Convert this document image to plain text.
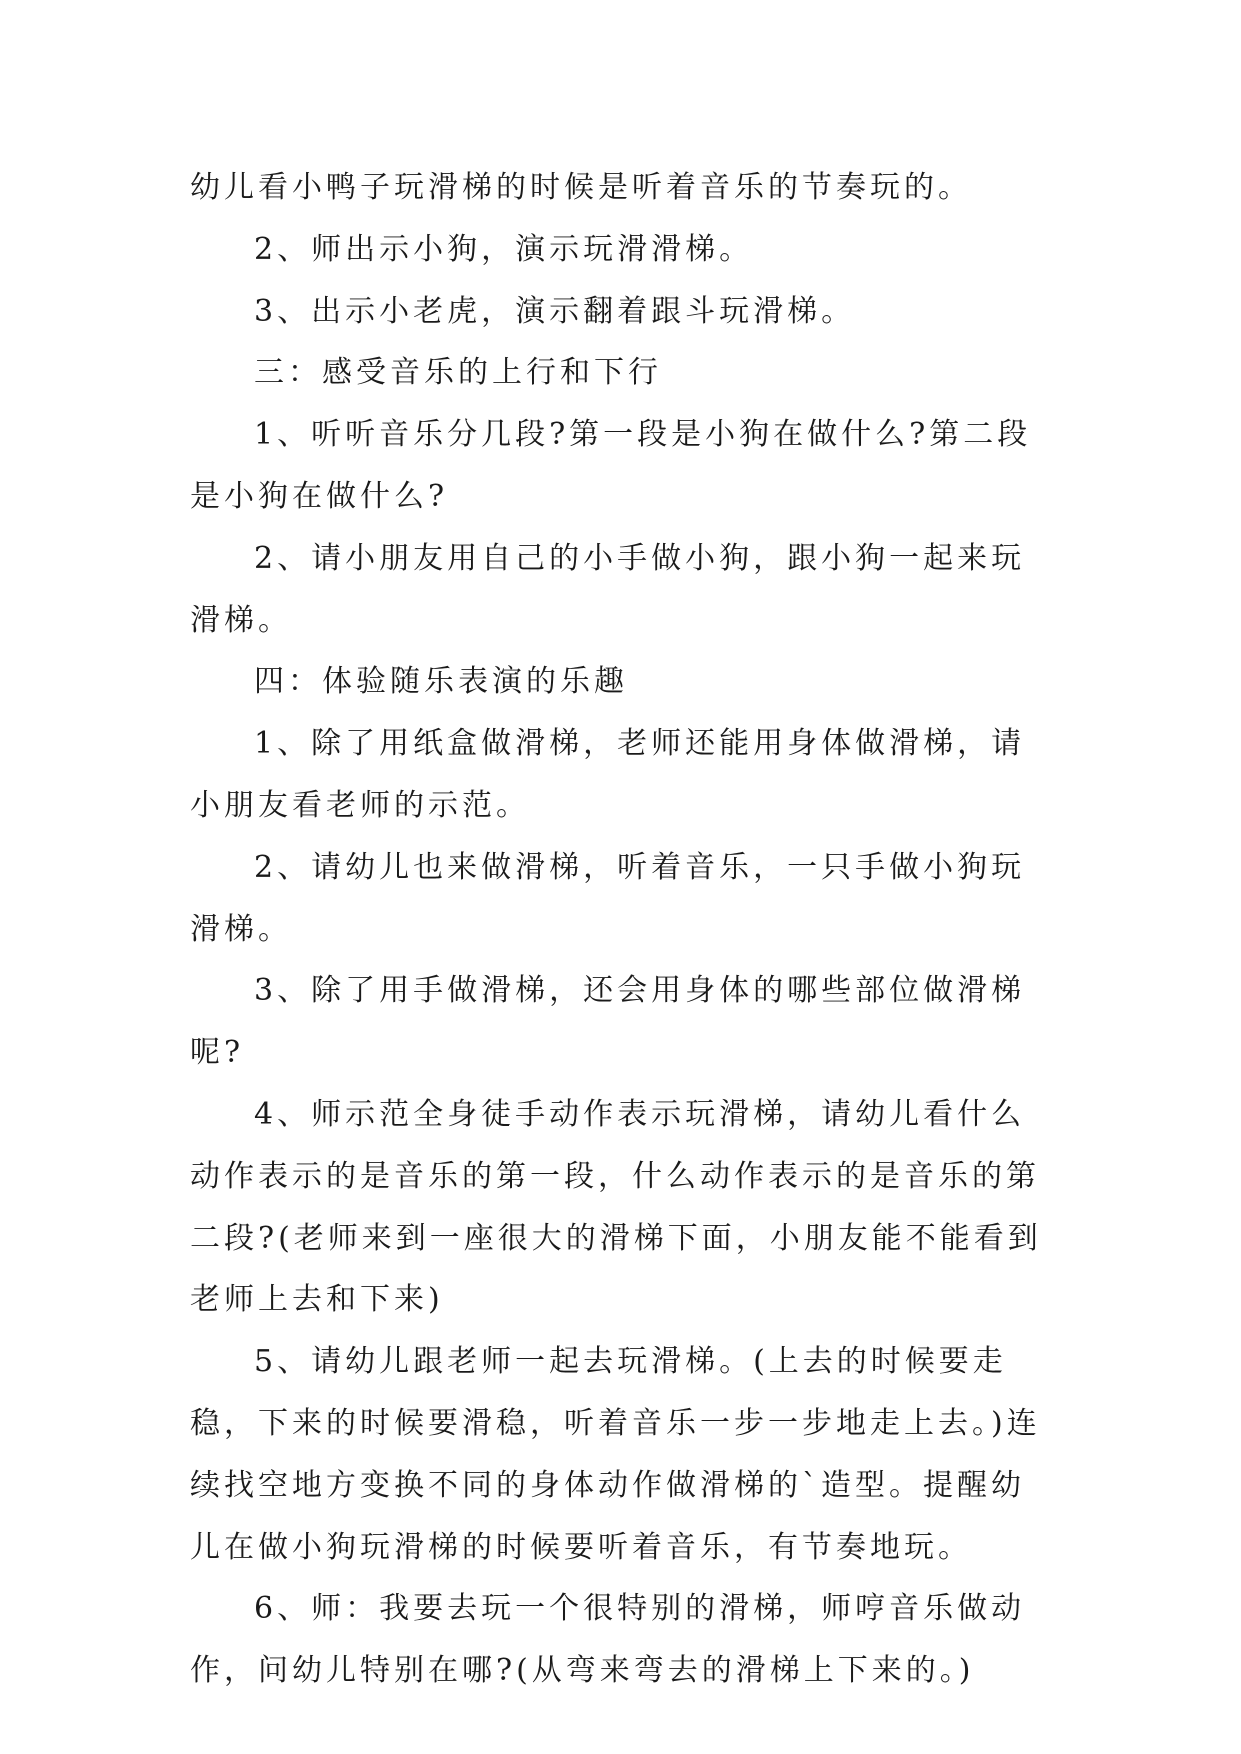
幼儿看小鸭子玩滑梯的时候是听着音乐的节奏玩的。

2、师出示小狗，演示玩滑滑梯。

3、出示小老虎，演示翻着跟斗玩滑梯。

三：感受音乐的上行和下行

1、听听音乐分几段?第一段是小狗在做什么?第二段是小狗在做什么?

2、请小朋友用自己的小手做小狗，跟小狗一起来玩滑梯。

四：体验随乐表演的乐趣

1、除了用纸盒做滑梯，老师还能用身体做滑梯，请小朋友看老师的示范。

2、请幼儿也来做滑梯，听着音乐，一只手做小狗玩滑梯。

3、除了用手做滑梯，还会用身体的哪些部位做滑梯呢?

4、师示范全身徒手动作表示玩滑梯，请幼儿看什么动作表示的是音乐的第一段，什么动作表示的是音乐的第二段?(老师来到一座很大的滑梯下面，小朋友能不能看到老师上去和下来)

5、请幼儿跟老师一起去玩滑梯。(上去的时候要走稳，下来的时候要滑稳，听着音乐一步一步地走上去。)连续找空地方变换不同的身体动作做滑梯的`造型。提醒幼儿在做小狗玩滑梯的时候要听着音乐，有节奏地玩。

6、师：我要去玩一个很特别的滑梯，师哼音乐做动作，问幼儿特别在哪?(从弯来弯去的滑梯上下来的。)
